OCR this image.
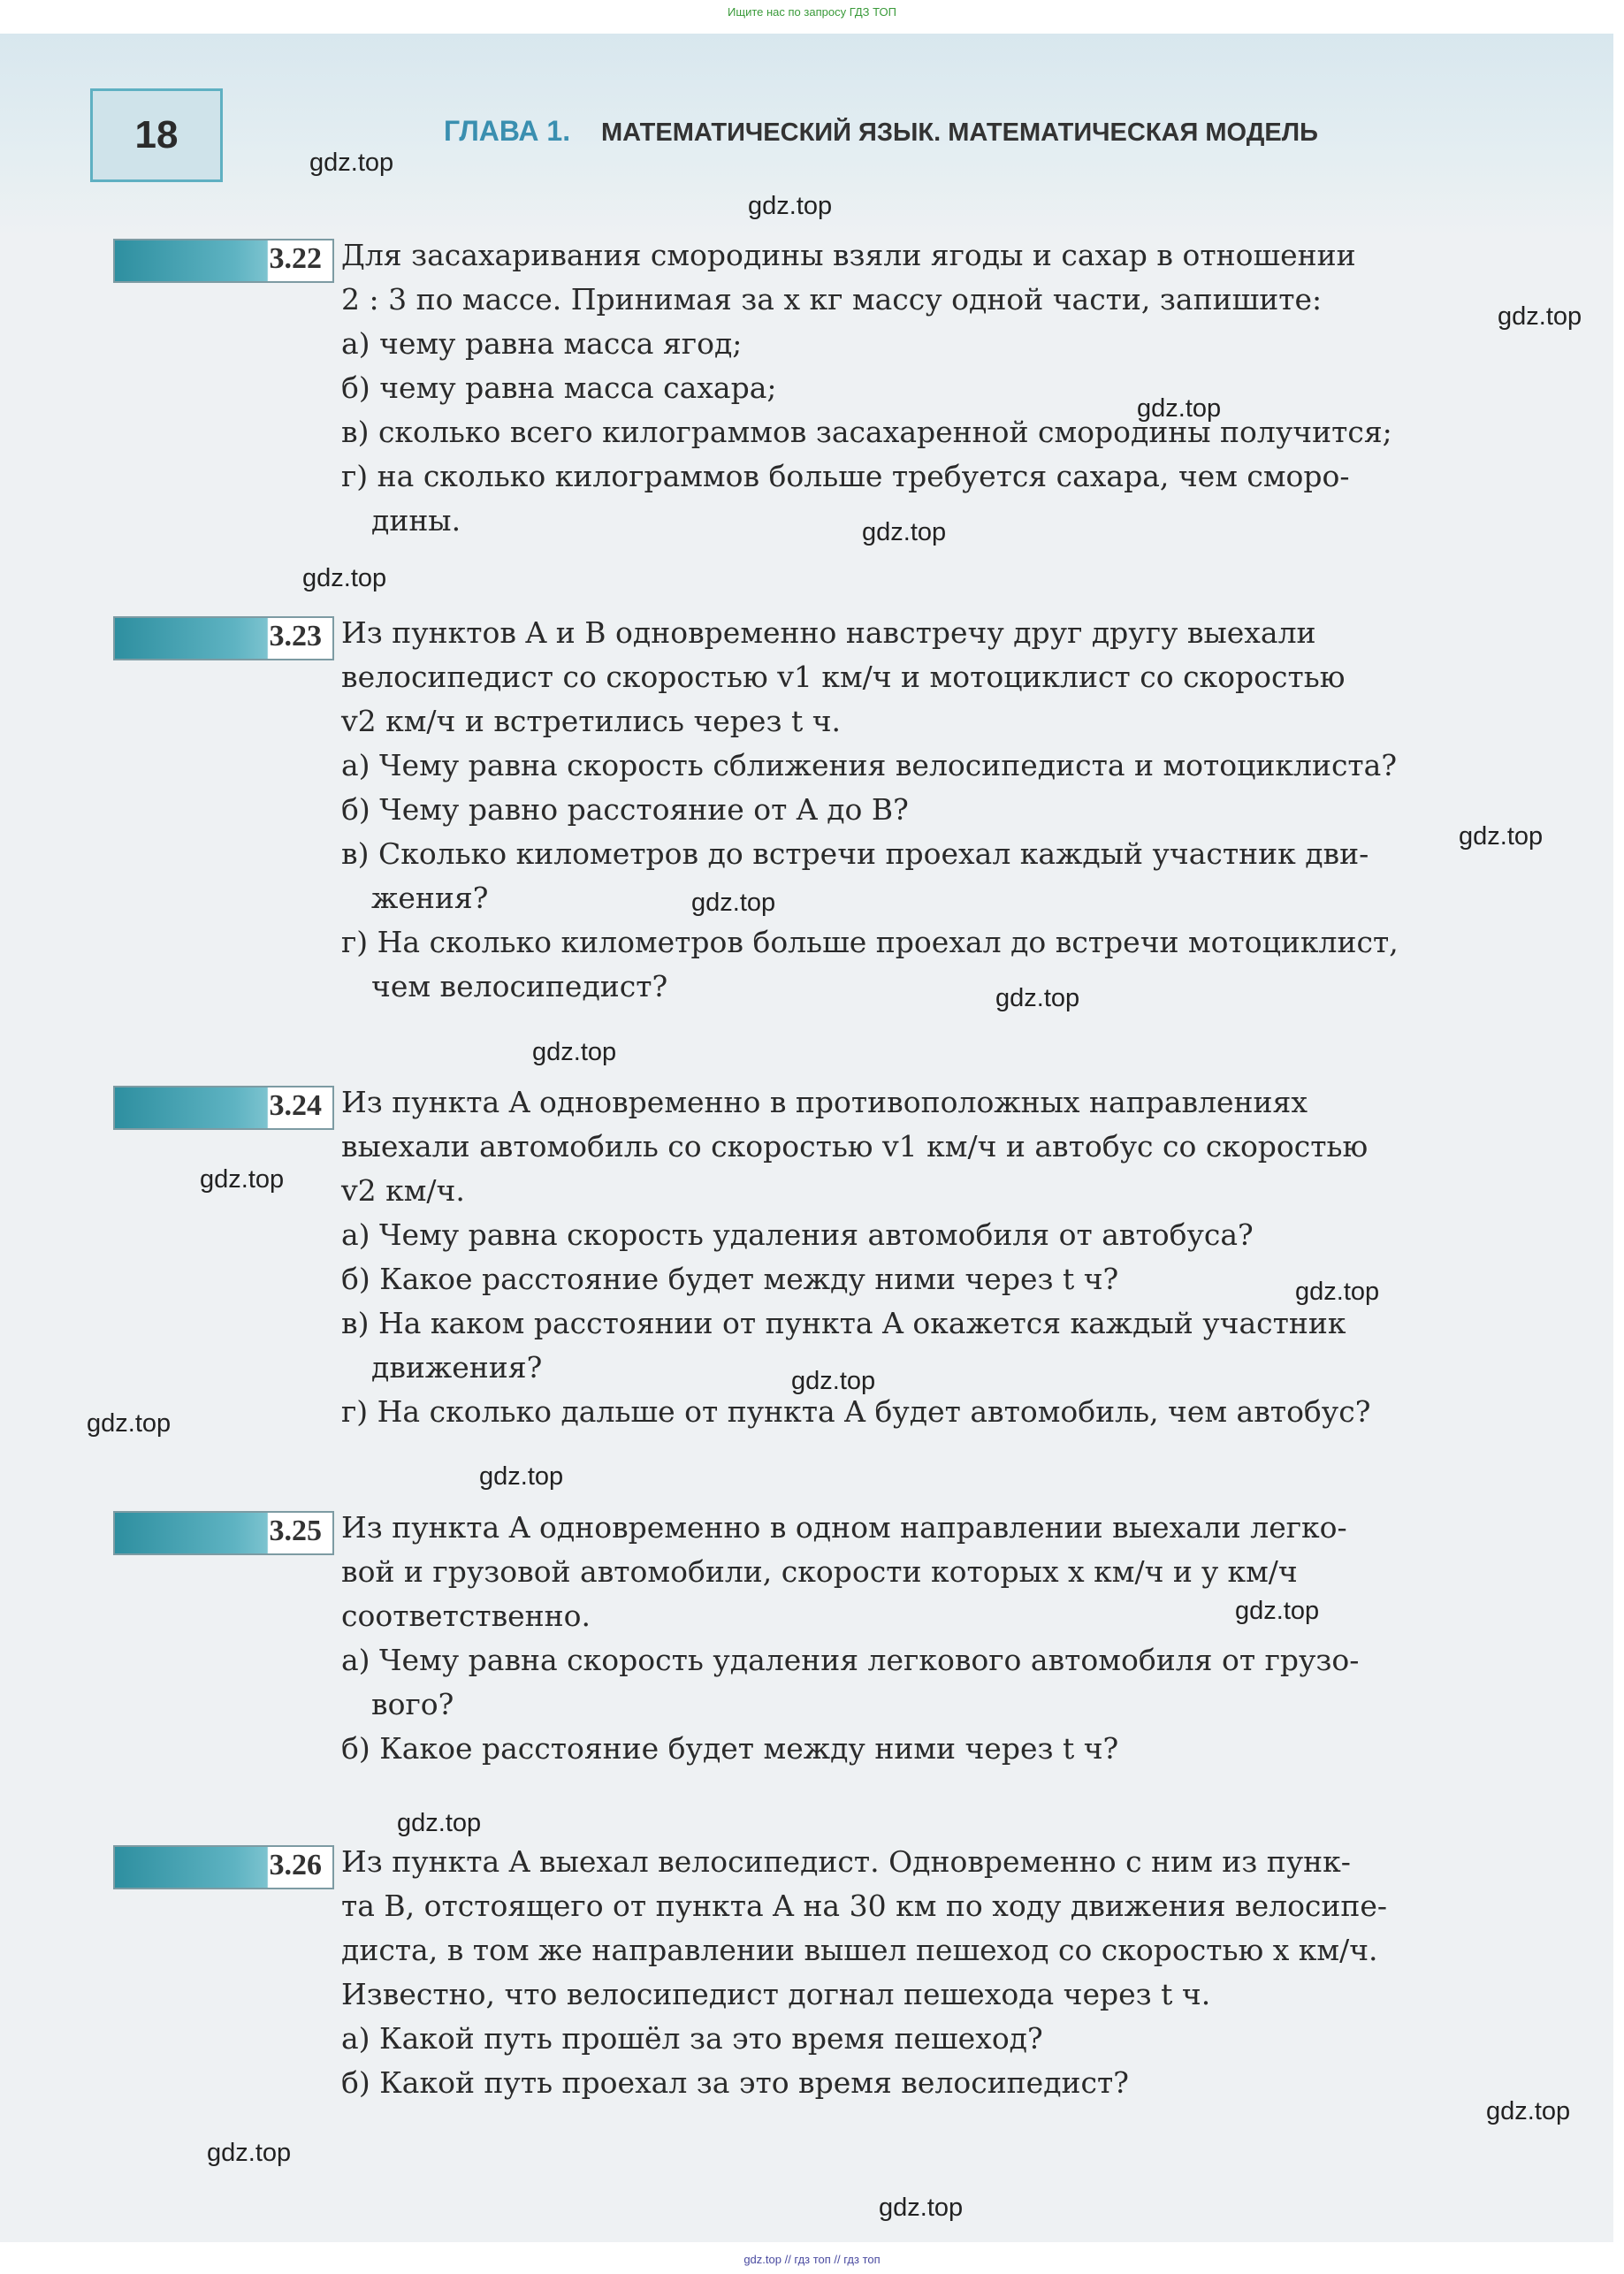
Ищите нас по запросу ГДЗ ТОП
18	ГЛАВА 1. МАТЕМАТИЧЕСКИЙ ЯЗЫК. МАТЕМАТИЧЕСКАЯ МОДЕЛЬ
3.22 Для засахаривания смородины взяли ягоды и сахар в отношении
2 : 3 по массе. Принимая за x кг массу одной части, запишите:
а) чему равна масса ягод;
б) чему равна масса сахара;
в) сколько всего килограммов засахаренной смородины получится;
г) на сколько килограммов больше требуется сахара, чем сморо-
дины.
3.23 Из пунктов A и B одновременно навстречу друг другу выехали
велосипедист со скоростью v1 км/ч и мотоциклист со скоростью
v2 км/ч и встретились через t ч.
а) Чему равна скорость сближения велосипедиста и мотоциклиста?
б) Чему равно расстояние от A до B?
в) Сколько километров до встречи проехал каждый участник дви-
жения?
г) На сколько километров больше проехал до встречи мотоциклист,
чем велосипедист?
3.24 Из пункта A одновременно в противоположных направлениях
выехали автомобиль со скоростью v1 км/ч и автобус со скоростью
v2 км/ч.
а) Чему равна скорость удаления автомобиля от автобуса?
б) Какое расстояние будет между ними через t ч?
в) На каком расстоянии от пункта A окажется каждый участник
движения?
г) На сколько дальше от пункта A будет автомобиль, чем автобус?
3.25 Из пункта A одновременно в одном направлении выехали легко-
вой и грузовой автомобили, скорости которых x км/ч и y км/ч
соответственно.
а) Чему равна скорость удаления легкового автомобиля от грузо-
вого?
б) Какое расстояние будет между ними через t ч?
3.26 Из пункта A выехал велосипедист. Одновременно с ним из пунк-
та B, отстоящего от пункта A на 30 км по ходу движения велосипе-
диста, в том же направлении вышел пешеход со скоростью x км/ч.
Известно, что велосипедист догнал пешехода через t ч.
а) Какой путь прошёл за это время пешеход?
б) Какой путь проехал за это время велосипедист?
gdz.top
gdz.top
gdz.top
gdz.top
gdz.top
gdz.top
gdz.top
gdz.top
gdz.top
gdz.top
gdz.top
gdz.top
gdz.top
gdz.top
gdz.top
gdz.top
gdz.top
gdz.top
gdz.top
gdz.top
gdz.top // гдз топ // гдз топ
